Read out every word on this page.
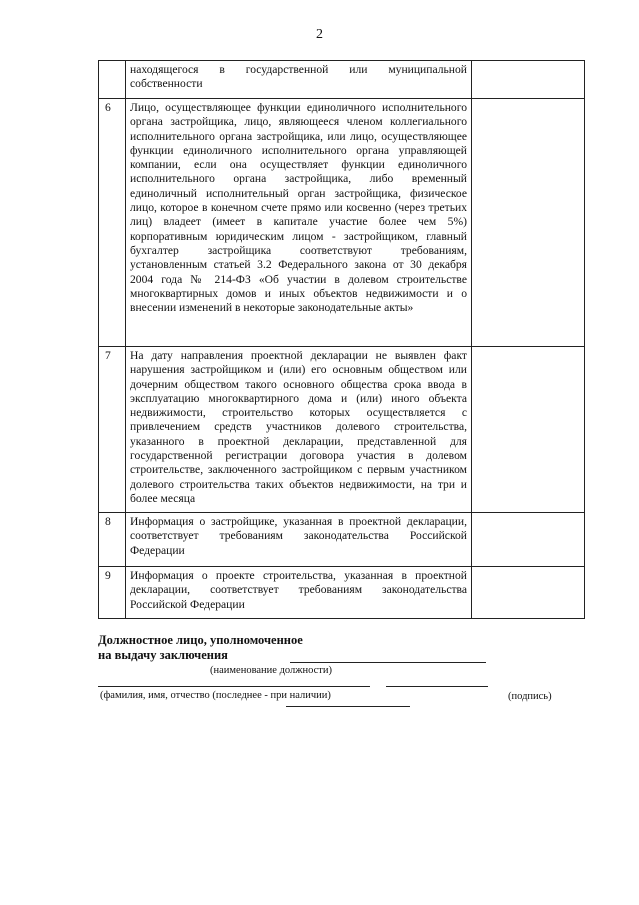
2
	находящегося в государственной или муниципальной собственности	
6	Лицо, осуществляющее функции единоличного исполнительного органа застройщика, лицо, являющееся членом коллегиального исполнительного органа застройщика, или лицо, осуществляющее функции единоличного исполнительного органа управляющей компании, если она осуществляет функции единоличного исполнительного органа застройщика, либо временный единоличный исполнительный орган застройщика, физическое лицо, которое в конечном счете прямо или косвенно (через третьих лиц) владеет (имеет в капитале участие более чем 5%) корпоративным юридическим лицом - застройщиком, главный бухгалтер застройщика соответствуют требованиям, установленным статьей 3.2 Федерального закона от 30 декабря 2004 года № 214-ФЗ «Об участии в долевом строительстве многоквартирных домов и иных объектов недвижимости и о внесении изменений в некоторые законодательные акты»	
7	На дату направления проектной декларации не выявлен факт нарушения застройщиком и (или) его основным обществом или дочерним обществом такого основного общества срока ввода в эксплуатацию многоквартирного дома и (или) иного объекта недвижимости, строительство которых осуществляется с привлечением средств участников долевого строительства, указанного в проектной декларации, представленной для государственной регистрации договора участия в долевом строительстве, заключенного застройщиком с первым участником долевого строительства таких объектов недвижимости, на три и более месяца	
8	Информация о застройщике, указанная в проектной декларации, соответствует требованиям законодательства Российской Федерации	
9	Информация о проекте строительства, указанная в проектной декларации, соответствует требованиям законодательства Российской Федерации	
Должностное лицо, уполномоченное
на выдачу заключения
(наименование должности)
(фамилия, имя, отчество (последнее - при наличии)	(подпись)
